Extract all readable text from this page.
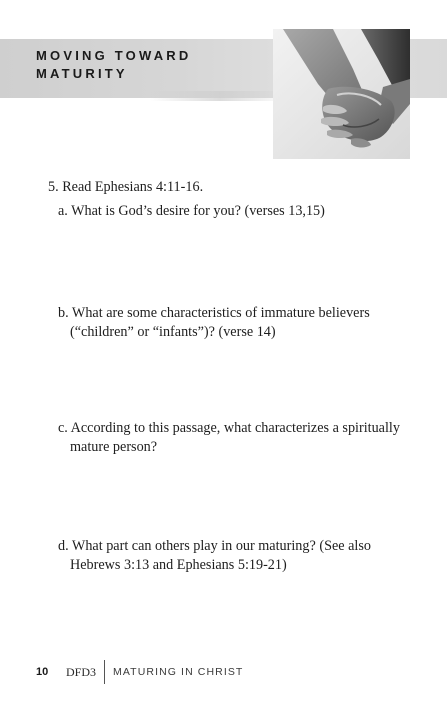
MOVING TOWARD
MATURITY

5. Read Ephesians 4:11-16.

a. What is God’s desire for you? (verses 13,15)

b. What are some characteristics of immature believers (“children” or “infants”)? (verse 14)

c. According to this passage, what characterizes a spiritually mature person?

d. What part can others play in our maturing? (See also Hebrews 3:13 and Ephesians 5:19-21)

10	DFD3 MATURING IN CHRIST
